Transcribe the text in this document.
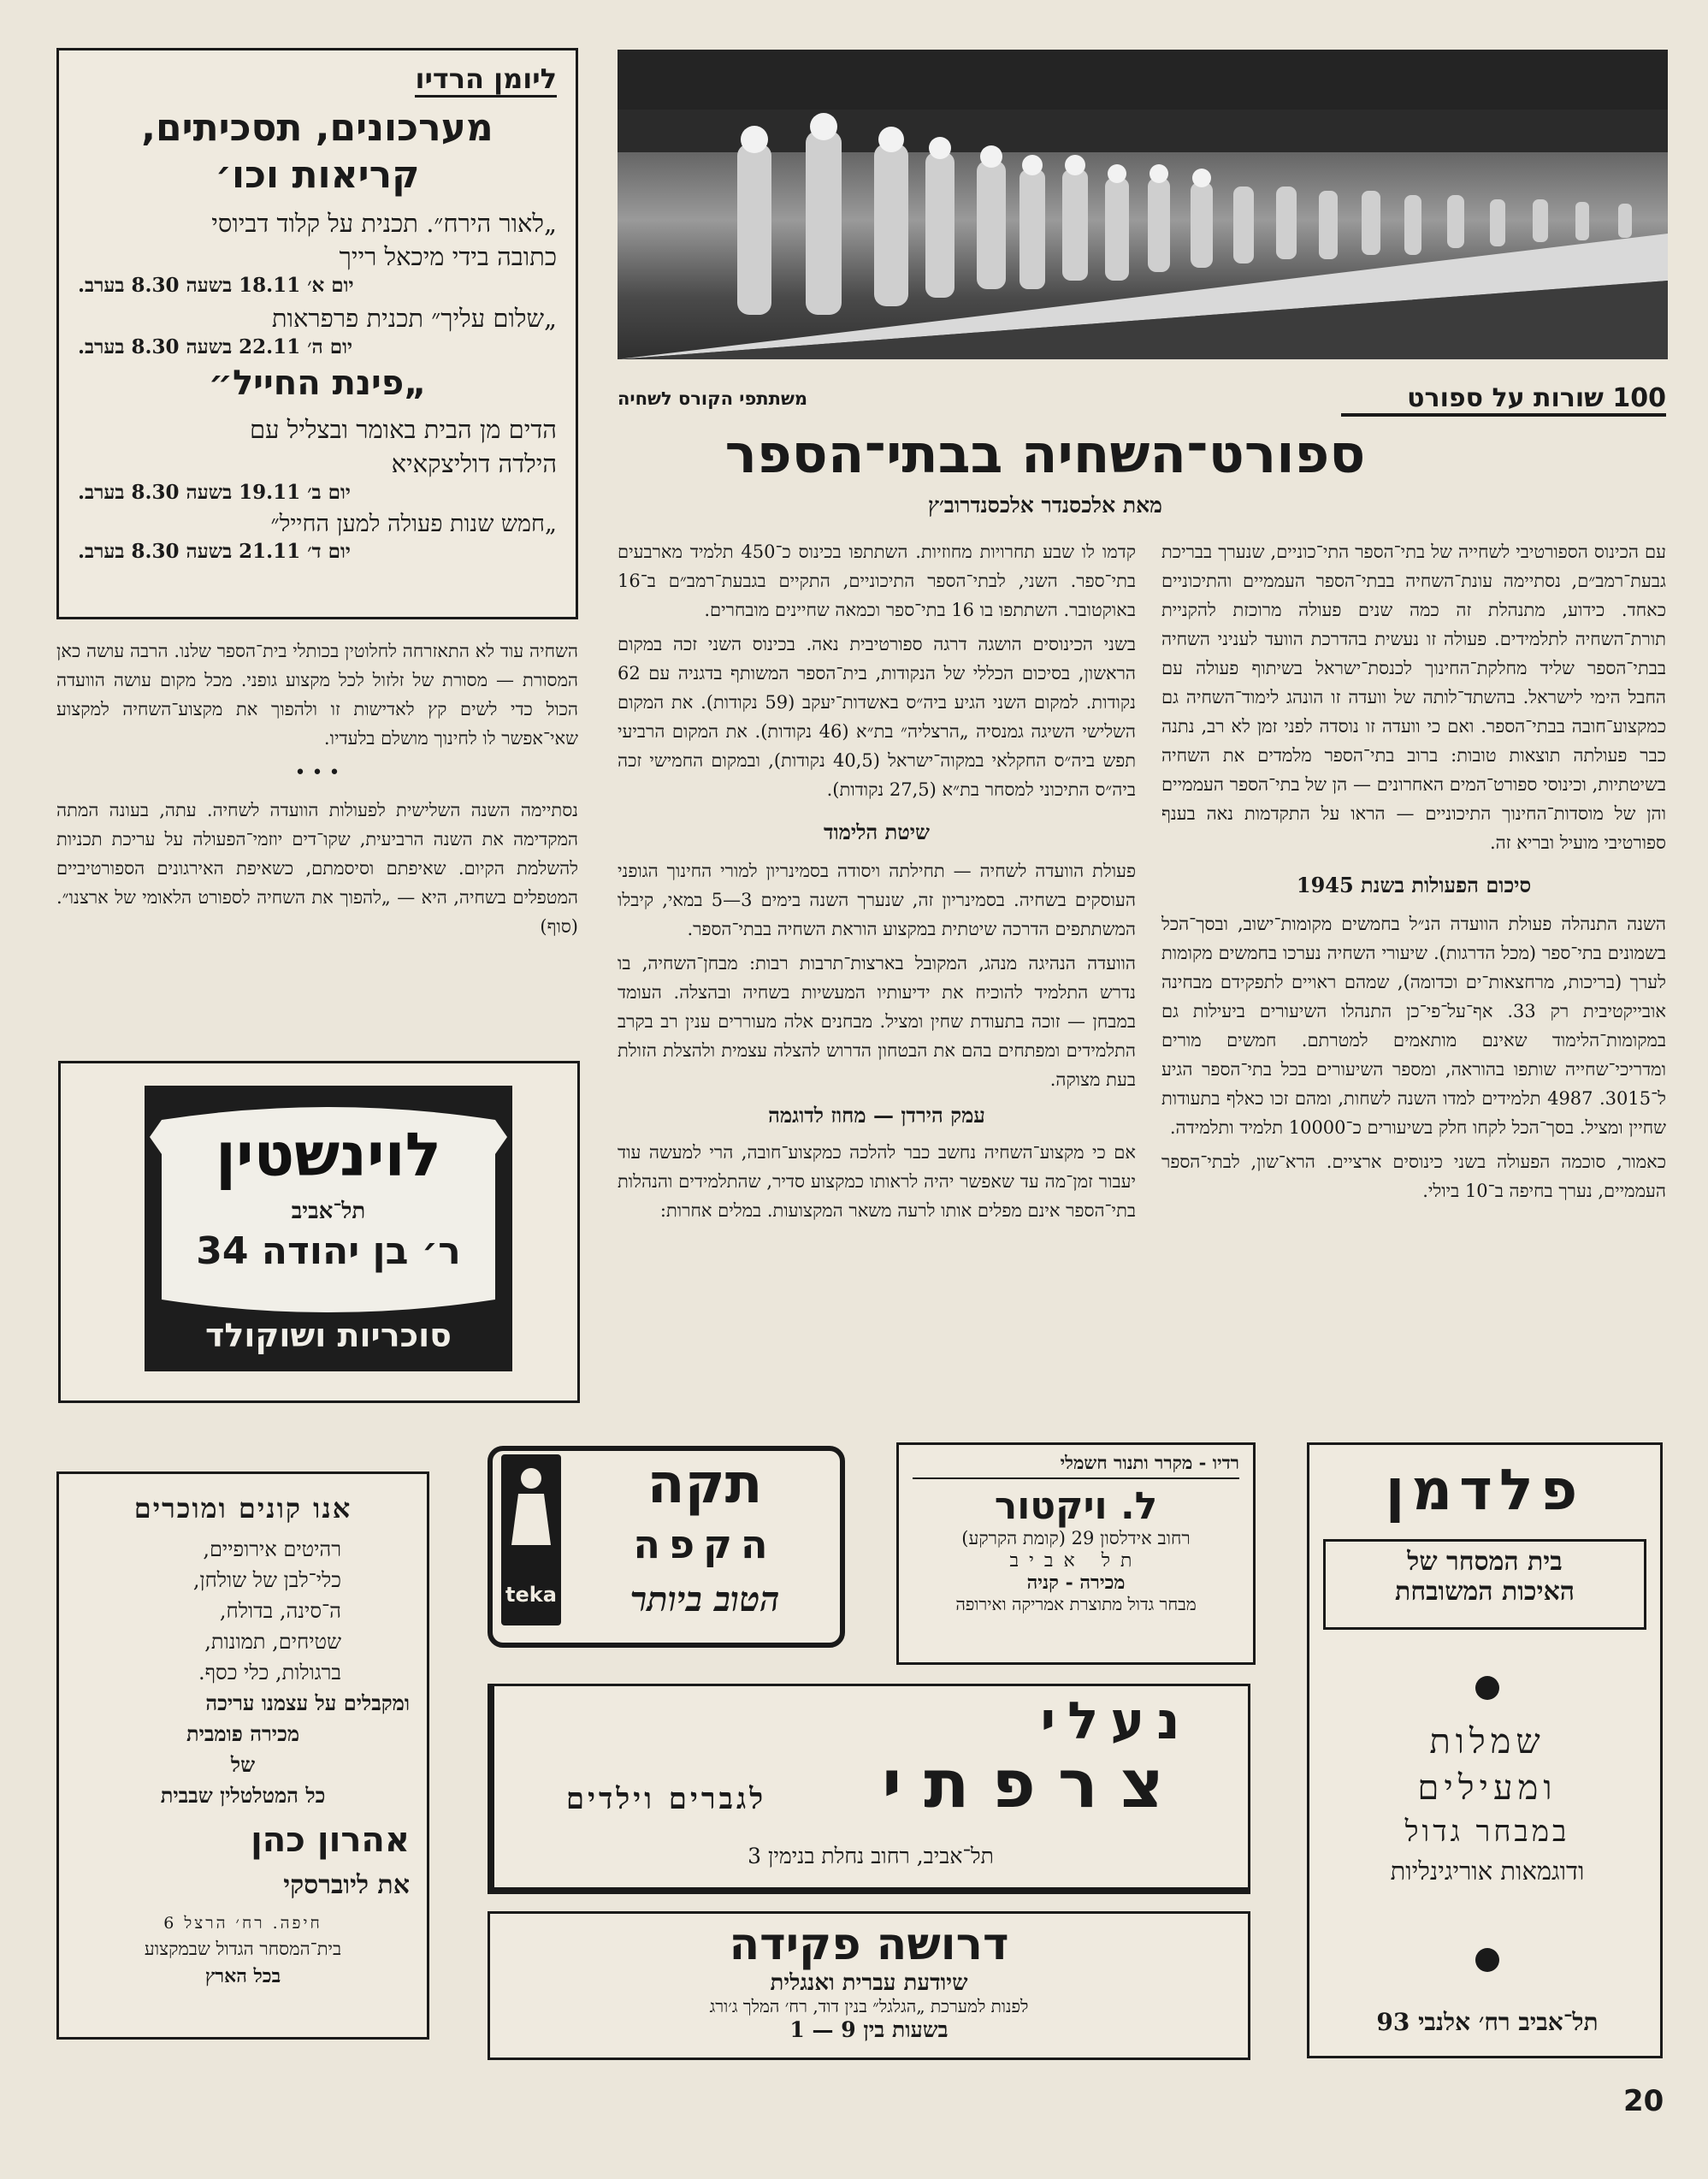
ליומן הרדיו
מערכונים, תסכיתים,
קריאות וכו׳
„לאור הירח״. תכנית על קלוד דביוסי
כתובה בידי מיכאל רייך
יום א׳ 18.11 בשעה 8.30 בערב.
„שלום עליך״ תכנית פרפראות
יום ה׳ 22.11 בשעה 8.30 בערב.
„פינת החייל״
הדים מן הבית באומר ובצליל עם
הילדה דוליצקאיא
יום ב׳ 19.11 בשעה 8.30 בערב.
„חמש שנות פעולה למען החייל״
יום ד׳ 21.11 בשעה 8.30 בערב.
משתתפי הקורס לשחיה	100 שורות על ספורט
ספורט־השחיה בבתי־הספר
מאת אלכסנדר אלכסנדרוב׳ץ

עם הכינוס הספורטיבי לשחייה של בתי־הספר התי־כוניים, שנערך בבריכת גבעת־רמב״ם, נסתיימה עונת־השחיה בבתי־הספר העממיים והתיכוניים כאחד. כידוע, מתנהלת זה כמה שנים פעולה מרוכזת להקניית תורת־השחיה לתלמידים. פעולה זו נעשית בהדרכת הוועד לעניני השחיה בבתי־הספר שליד מחלקת־החינוך לכנסת־ישראל בשיתוף פעולה עם החבל הימי לישראל. בהשתד־לותה של וועדה זו הונהג לימוד־השחיה גם כמקצוע־חובה בבתי־הספר. ואם כי וועדה זו נוסדה לפני זמן לא רב, נתנה כבר פעולתה תוצאות טובות: ברוב בתי־הספר מלמדים את השחיה בשיטתיות, וכינוסי ספורט־המים האחרונים — הן של בתי־הספר העממיים והן של מוסדות־החינוך התיכוניים — הראו על התקדמות נאה בענף ספורטיבי מועיל ובריא זה.

סיכום הפעולות בשנת 1945

השנה התנהלה פעולת הוועדה הנ״ל בחמשים מקומות־ישוב, ובסך־הכל בשמונים בתי־ספר (מכל הדרגות). שיעורי השחיה נערכו בחמשים מקומות לערך (בריכות, מרחצאות־ים וכדומה), שמהם ראויים לתפקידם מבחינה אובייקטיבית רק 33. אף־על־פי־כן התנהלו השיעורים ביעילות גם במקומות־הלימוד שאינם מותאמים למטרתם. חמשים מורים ומדריכי־שחייה שותפו בהוראה, ומספר השיעורים בכל בתי־הספר הגיע ל־3015. 4987 תלמידים למדו השנה לשחות, ומהם זכו כאלף בתעודות שחיין ומציל. בסך־הכל לקחו חלק בשיעורים כ־10000 תלמיד ותלמידה.

כאמור, סוכמה הפעולה בשני כינוסים ארציים. הרא־שון, לבתי־הספר העממיים, נערך בחיפה ב־10 ביולי.

קדמו לו שבע תחרויות מחוזיות. השתתפו בכינוס כ־450 תלמיד מארבעים בתי־ספר. השני, לבתי־הספר התיכוניים, התקיים בגבעת־רמב״ם ב־16 באוקטובר. השתתפו בו 16 בתי־ספר וכמאה שחיינים מובחרים.

בשני הכינוסים הושגה דרגה ספורטיבית נאה. בכינוס השני זכה במקום הראשון, בסיכום הכללי של הנקודות, בית־הספר המשותף בדגניה עם 62 נקודות. למקום השני הגיע ביה״ס באשדות־יעקב (59 נקודות). את המקום השלישי השיגה גמנסיה „הרצליה״ בת״א (46 נקודות). את המקום הרביעי תפש ביה״ס החקלאי במקוה־ישראל (40,5 נקודות), ובמקום החמישי זכה ביה״ס התיכוני למסחר בת״א (27,5 נקודות).

שיטת הלימוד

פעולת הוועדה לשחיה — תחילתה ויסודה בסמינריון למורי החינוך הגופני העוסקים בשחיה. בסמינריון זה, שנערך השנה בימים 3—5 במאי, קיבלו המשתתפים הדרכה שיטתית במקצוע הוראת השחיה בבתי־הספר.

הוועדה הנהיגה מנהג, המקובל בארצות־תרבות רבות: מבחן־השחיה, בו נדרש התלמיד להוכיח את ידיעותיו המעשיות בשחיה ובהצלה. העומד במבחן — זוכה בתעודת שחין ומציל. מבחנים אלה מעוררים ענין רב בקרב התלמידים ומפתחים בהם את הבטחון הדרוש להצלה עצמית ולהצלת הזולת בעת מצוקה.

עמק הירדן — מחוז לדוגמה

אם כי מקצוע־השחיה נחשב כבר להלכה כמקצוע־חובה, הרי למעשה עוד יעבור זמן־מה עד שאפשר יהיה לראותו כמקצוע סדיר, שהתלמידים והנהלות בתי־הספר אינם מפלים אותו לרעה משאר המקצועות. במלים אחרות:

השחיה עוד לא התאזרחה לחלוטין בכותלי בית־הספר שלנו. הרבה עושה כאן המסורת — מסורת של זלזול לכל מקצוע גופני. מכל מקום עושה הוועדה הכול כדי לשים קץ לאדישות זו ולהפוך את מקצוע־השחיה למקצוע שאי־אפשר לו לחינוך מושלם בלעדיו.

• • •

נסתיימה השנה השלישית לפעולות הוועדה לשחיה. עתה, בעונה המתה המקדימה את השנה הרביעית, שקו־דים יוזמי־הפעולה על עריכת תכניות להשלמת הקיום. שאיפתם וסיסמתם, כשאיפת האירגונים הספורטיביים המטפלים בשחיה, היא — „להפוך את השחיה לספורט הלאומי של ארצנו״. (סוף)

לוינשטין
תל־אביב
ר׳ בן יהודה 34
סוכריות ושוקולד
אנו קונים ומוכרים
רהיטים אירופיים,
כלי־לבן של שולחן,
ה־סינה, בדולח,
שטיחים, תמונות,
ברגולות, כלי כסף.
ומקבלים על עצמנו עריכה
מכירה פומבית
של
כל המטלטלין שבבית
אהרון כהן
את ליוברסקי
חיפה. רח׳ הרצל 6
בית־המסחר הגדול שבמקצוע
בכל הארץ
teka
תקה
הקפה
הטוב ביותר
רדיו - מקרר ותנור חשמלי
ל. ויקטור
רחוב אידלסון 29 (קומת הקרקע)
תל אביב
מכירה - קניה
מבחר גדול מתוצרת אמריקה ואירופה
פלדמן
בית המסחר של
האיכות המשובחת
שמלות
ומעילים
במבחר גדול
ודוגמאות אוריגינליות
תל־אביב רח׳ אלנבי 93
נעלי
צרפתי
לגברים וילדים
תל־אביב, רחוב נחלת בנימין 3
דרושה פקידה
שיודעת עברית ואנגלית
לפנות למערכת „הגלגל״ בנין דוד, רח׳ המלך ג׳ורג
בשעות בין 9 — 1
20
